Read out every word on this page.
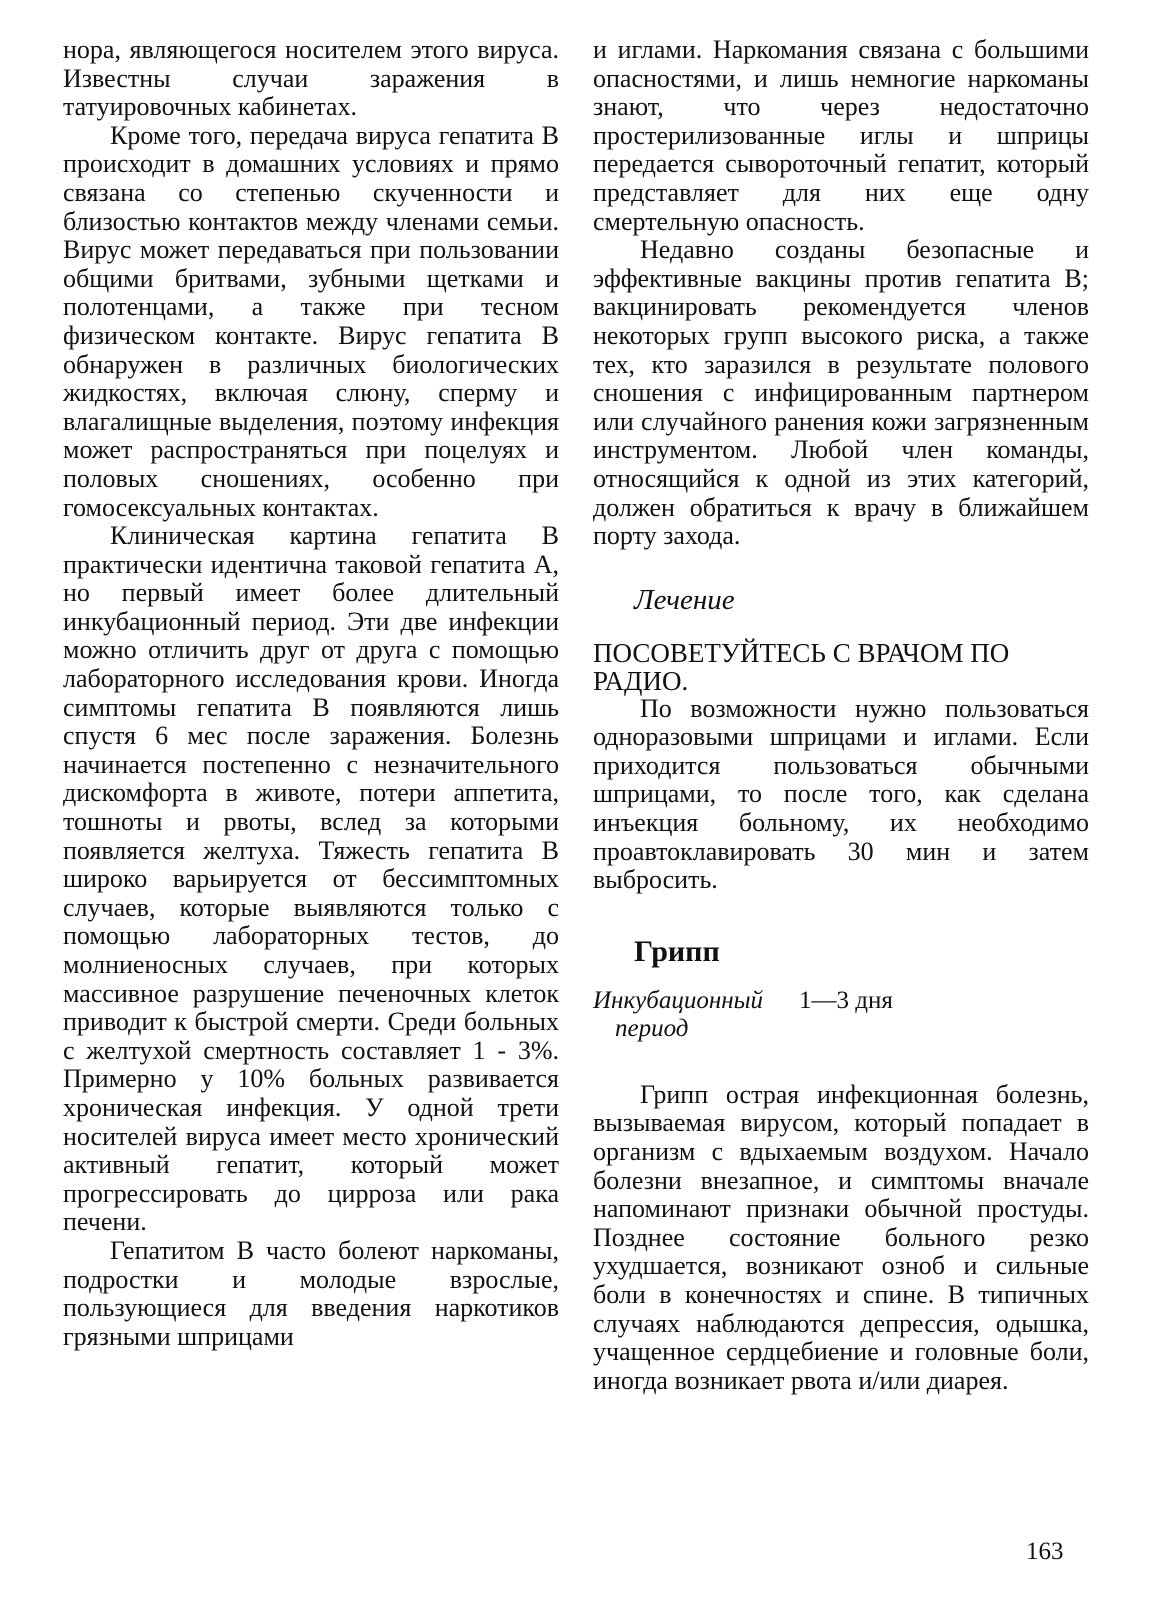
нора, являющегося носителем этого вируса. Известны случаи заражения в татуировочных кабинетах.

Кроме того, передача вируса гепатита В происходит в домашних условиях и прямо связана со степенью скученности и близостью контактов между членами семьи. Вирус может передаваться при пользовании общими бритвами, зубными щетками и полотенцами, а также при тесном физическом контакте. Вирус гепатита В обнаружен в различных биологических жидкостях, включая слюну, сперму и влагалищные выделения, поэтому инфекция может распространяться при поцелуях и половых сношениях, особенно при гомосексуальных контактах.

Клиническая картина гепатита В практически идентична таковой гепатита А, но первый имеет более длительный инкубационный период. Эти две инфекции можно отличить друг от друга с помощью лабораторного исследования крови. Иногда симптомы гепатита В появляются лишь спустя 6 мес после заражения. Болезнь начинается постепенно с незначительного дискомфорта в животе, потери аппетита, тошноты и рвоты, вслед за которыми появляется желтуха. Тяжесть гепатита В широко варьируется от бессимптомных случаев, которые выявляются только с помощью лабораторных тестов, до молниеносных случаев, при которых массивное разрушение печеночных клеток приводит к быстрой смерти. Среди больных с желтухой смертность составляет 1 - 3%. Примерно у 10% больных развивается хроническая инфекция. У одной трети носителей вируса имеет место хронический активный гепатит, который может прогрессировать до цирроза или рака печени.

Гепатитом В часто болеют наркоманы, подростки и молодые взрослые, пользующиеся для введения наркотиков грязными шприцами

и иглами. Наркомания связана с большими опасностями, и лишь немногие наркоманы знают, что через недостаточно простерилизованные иглы и шприцы передается сывороточный гепатит, который представляет для них еще одну смертельную опасность.

Недавно созданы безопасные и эффективные вакцины против гепатита В; вакцинировать рекомендуется членов некоторых групп высокого риска, а также тех, кто заразился в результате полового сношения с инфицированным партнером или случайного ранения кожи загрязненным инструментом. Любой член команды, относящийся к одной из этих категорий, должен обратиться к врачу в ближайшем порту захода.

Лечение

ПОСОВЕТУЙТЕСЬ С ВРАЧОМ ПО РАДИО.

По возможности нужно пользоваться одноразовыми шприцами и иглами. Если приходится пользоваться обычными шприцами, то после того, как сделана инъекция больному, их необходимо проавтоклавировать 30 мин и затем выбросить.

Грипп
Инкубационный
период
1—3 дня

Грипп острая инфекционная болезнь, вызываемая вирусом, который попадает в организм с вдыхаемым воздухом. Начало болезни внезапное, и симптомы вначале напоминают признаки обычной простуды. Позднее состояние больного резко ухудшается, возникают озноб и сильные боли в конечностях и спине. В типичных случаях наблюдаются депрессия, одышка, учащенное сердцебиение и головные боли, иногда возникает рвота и/или диарея.

163
